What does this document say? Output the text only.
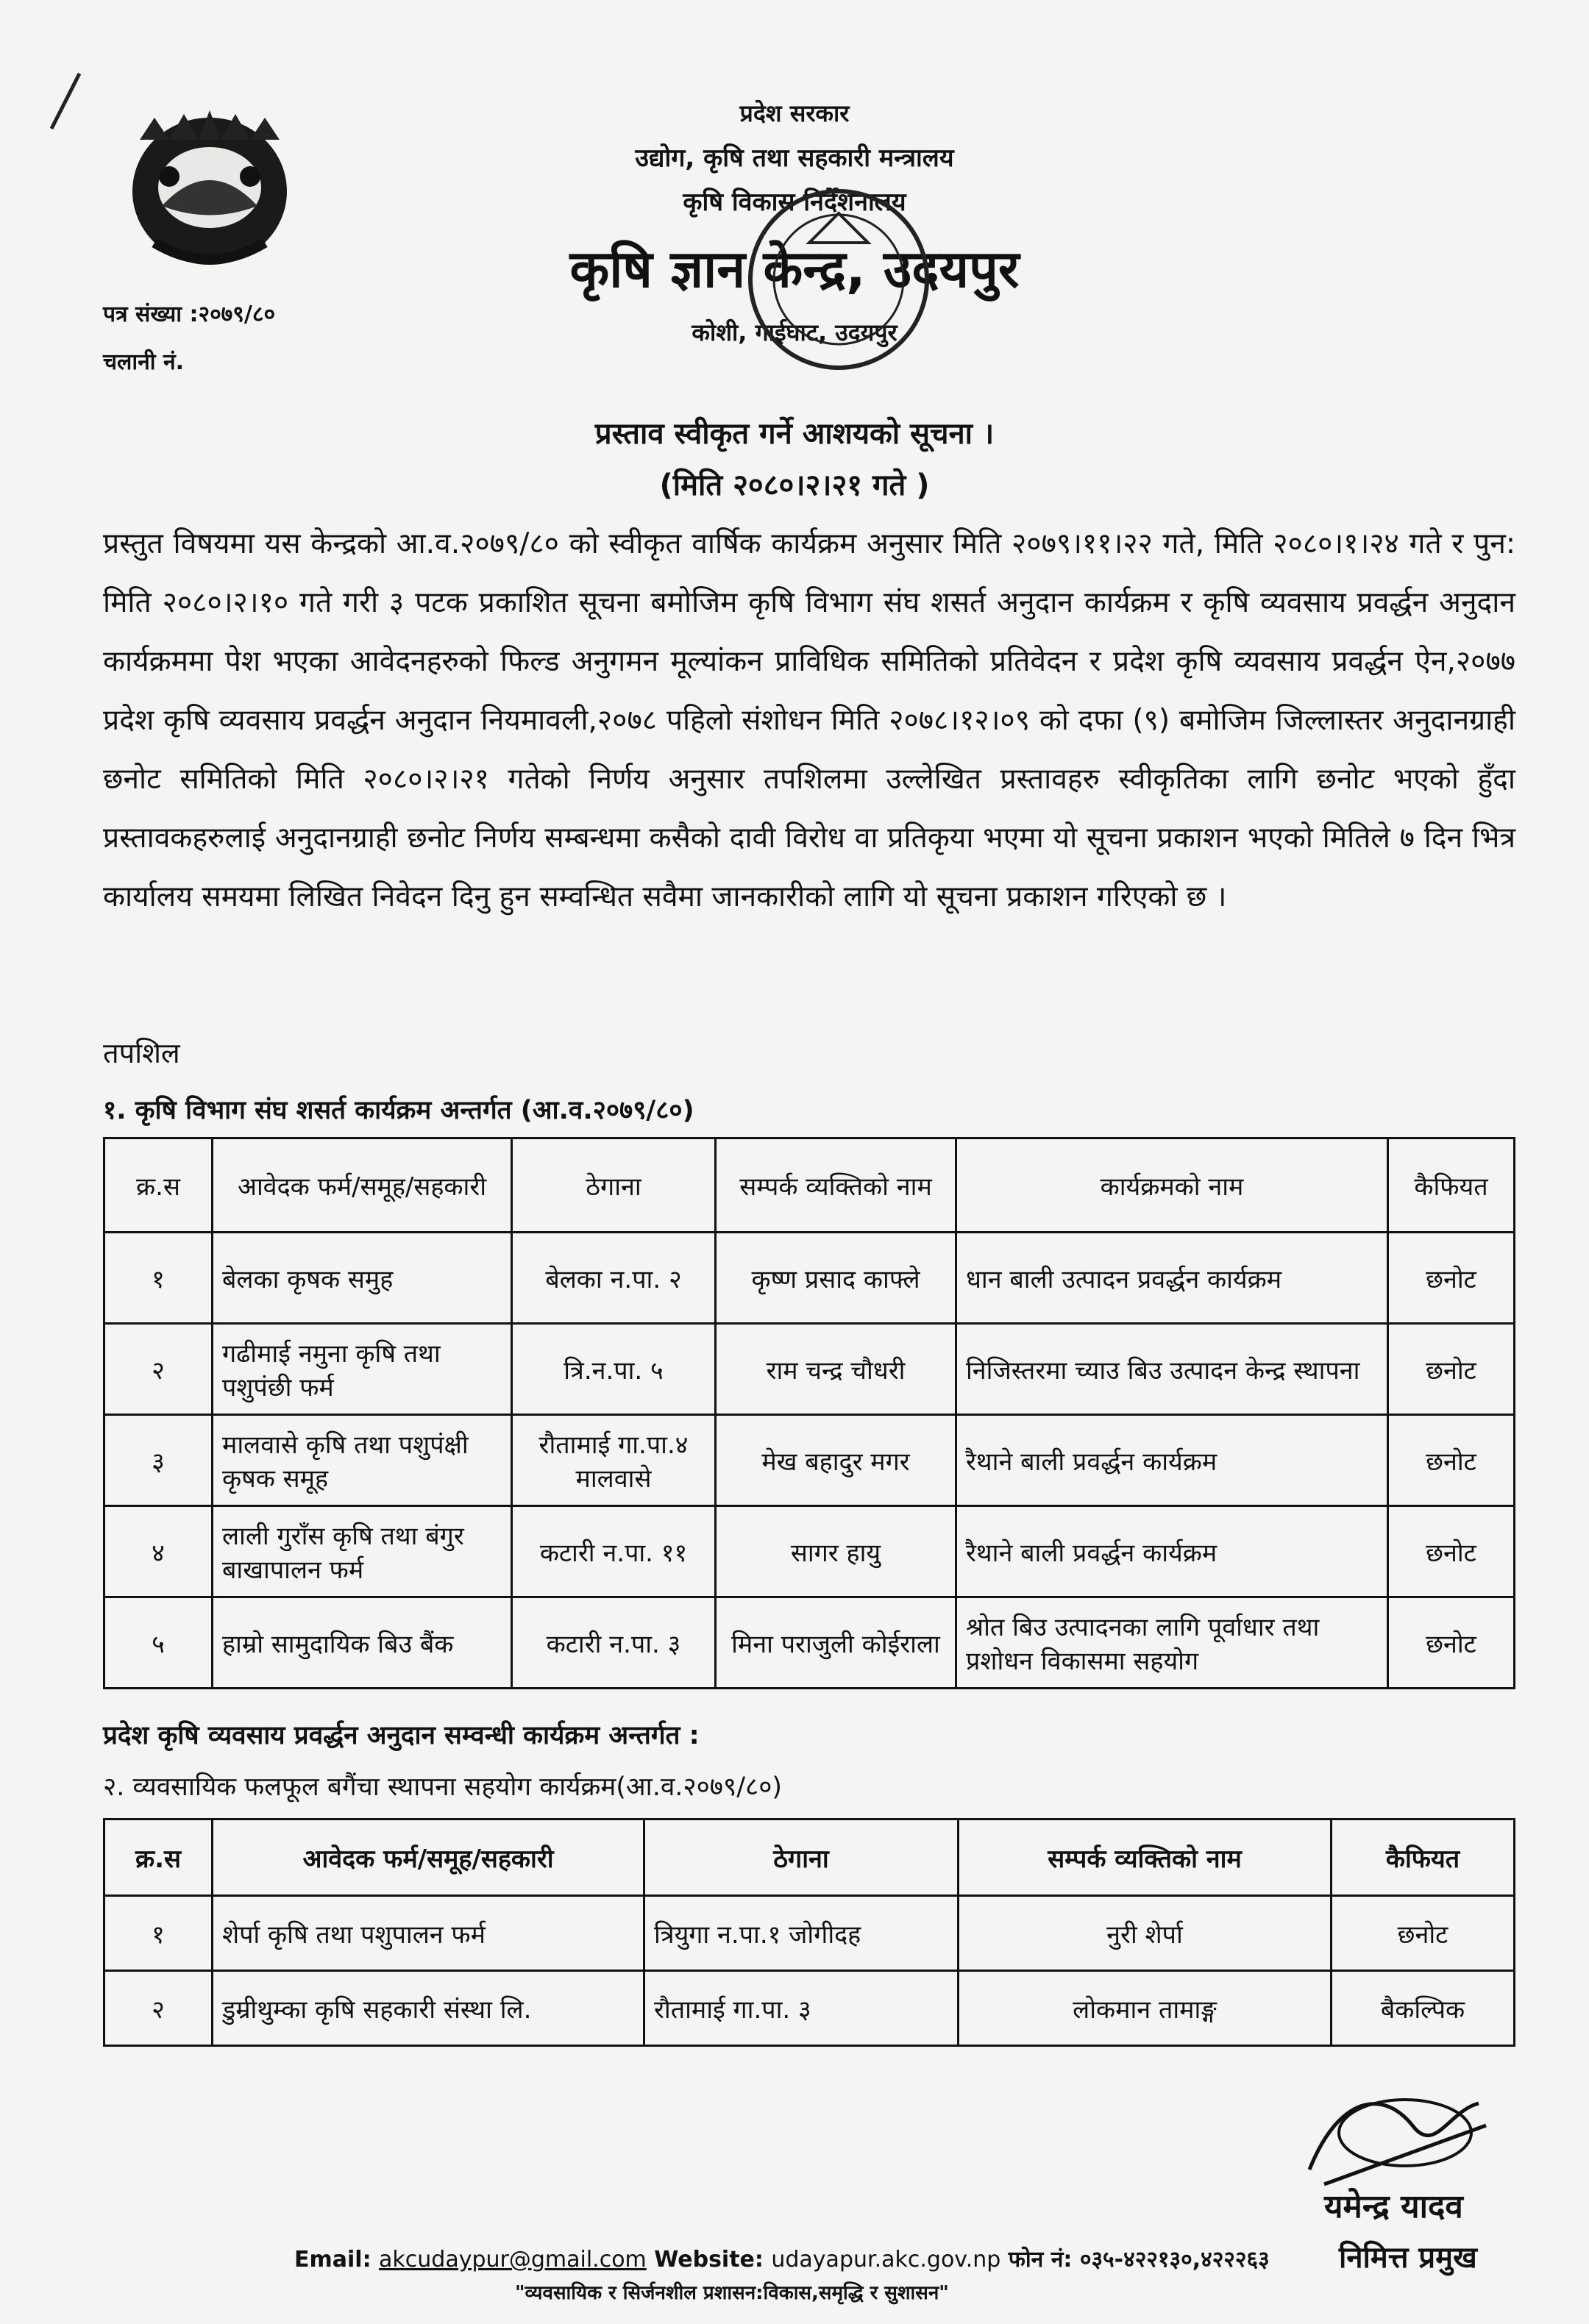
प्रदेश सरकार
उद्योग, कृषि तथा सहकारी मन्त्रालय
कृषि विकास निर्देशनालय
कृषि ज्ञान केन्द्र, उदयपुर
कोशी, गाईघाट, उदयपुर
पत्र संख्या :२०७९/८०
चलानी नं.
प्रस्ताव स्वीकृत गर्ने आशयको सूचना ।
(मिति २०८०।२।२१ गते )
प्रस्तुत विषयमा यस केन्द्रको आ.व.२०७९/८० को स्वीकृत वार्षिक कार्यक्रम अनुसार मिति २०७९।११।२२ गते, मिति २०८०।१।२४ गते र पुन: मिति २०८०।२।१० गते गरी ३ पटक प्रकाशित सूचना बमोजिम कृषि विभाग संघ शसर्त अनुदान कार्यक्रम र कृषि व्यवसाय प्रवर्द्धन अनुदान कार्यक्रममा पेश भएका आवेदनहरुको फिल्ड अनुगमन मूल्यांकन प्राविधिक समितिको प्रतिवेदन र प्रदेश कृषि व्यवसाय प्रवर्द्धन ऐन,२०७७ प्रदेश कृषि व्यवसाय प्रवर्द्धन अनुदान नियमावली,२०७८ पहिलो संशोधन मिति २०७८।१२।०९ को दफा (९) बमोजिम जिल्लास्तर अनुदानग्राही छनोट समितिको मिति २०८०।२।२१ गतेको निर्णय अनुसार तपशिलमा उल्लेखित प्रस्तावहरु स्वीकृतिका लागि छनोट भएको हुँदा प्रस्तावकहरुलाई अनुदानग्राही छनोट निर्णय सम्बन्धमा कसैको दावी विरोध वा प्रतिकृया भएमा यो सूचना प्रकाशन भएको मितिले ७ दिन भित्र कार्यालय समयमा लिखित निवेदन दिनु हुन सम्वन्धित सवैमा जानकारीको लागि यो सूचना प्रकाशन गरिएको छ ।
तपशिल
१. कृषि विभाग संघ शसर्त कार्यक्रम अन्तर्गत (आ.व.२०७९/८०)
क्र.स	आवेदक फर्म/समूह/सहकारी	ठेगाना	सम्पर्क व्यक्तिको नाम	कार्यक्रमको नाम	कैफियत
१	बेलका कृषक समुह	बेलका न.पा. २	कृष्ण प्रसाद काफ्ले	धान बाली उत्पादन प्रवर्द्धन कार्यक्रम	छनोट
२	गढीमाई नमुना कृषि तथा पशुपंछी फर्म	त्रि.न.पा. ५	राम चन्द्र चौधरी	निजिस्तरमा च्याउ बिउ उत्पादन केन्द्र स्थापना	छनोट
३	मालवासे कृषि तथा पशुपंक्षी कृषक समूह	रौतामाई गा.पा.४ मालवासे	मेख बहादुर मगर	रैथाने बाली प्रवर्द्धन कार्यक्रम	छनोट
४	लाली गुराँस कृषि तथा बंगुर बाखापालन फर्म	कटारी न.पा. ११	सागर हायु	रैथाने बाली प्रवर्द्धन कार्यक्रम	छनोट
५	हाम्रो सामुदायिक बिउ बैंक	कटारी न.पा. ३	मिना पराजुली कोईराला	श्रोत बिउ उत्पादनका लागि पूर्वाधार तथा प्रशोधन विकासमा सहयोग	छनोट
प्रदेश कृषि व्यवसाय प्रवर्द्धन अनुदान सम्वन्धी कार्यक्रम अन्तर्गत :
२. व्यवसायिक फलफूल बगैंचा स्थापना सहयोग कार्यक्रम(आ.व.२०७९/८०)
क्र.स	आवेदक फर्म/समूह/सहकारी	ठेगाना	सम्पर्क व्यक्तिको नाम	कैफियत
१	शेर्पा कृषि तथा पशुपालन फर्म	त्रियुगा न.पा.१ जोगीदह	नुरी शेर्पा	छनोट
२	डुम्रीथुम्का कृषि सहकारी संस्था लि.	रौतामाई गा.पा. ३	लोकमान तामाङ्ग	बैकल्पिक
यमेन्द्र यादव
निमित्त प्रमुख
Email: akcudaypur@gmail.com Website: udayapur.akc.gov.np फोन नं: ०३५-४२२१३०,४२२२६३
"व्यवसायिक र सिर्जनशील प्रशासन:विकास,समृद्धि र सुशासन"
